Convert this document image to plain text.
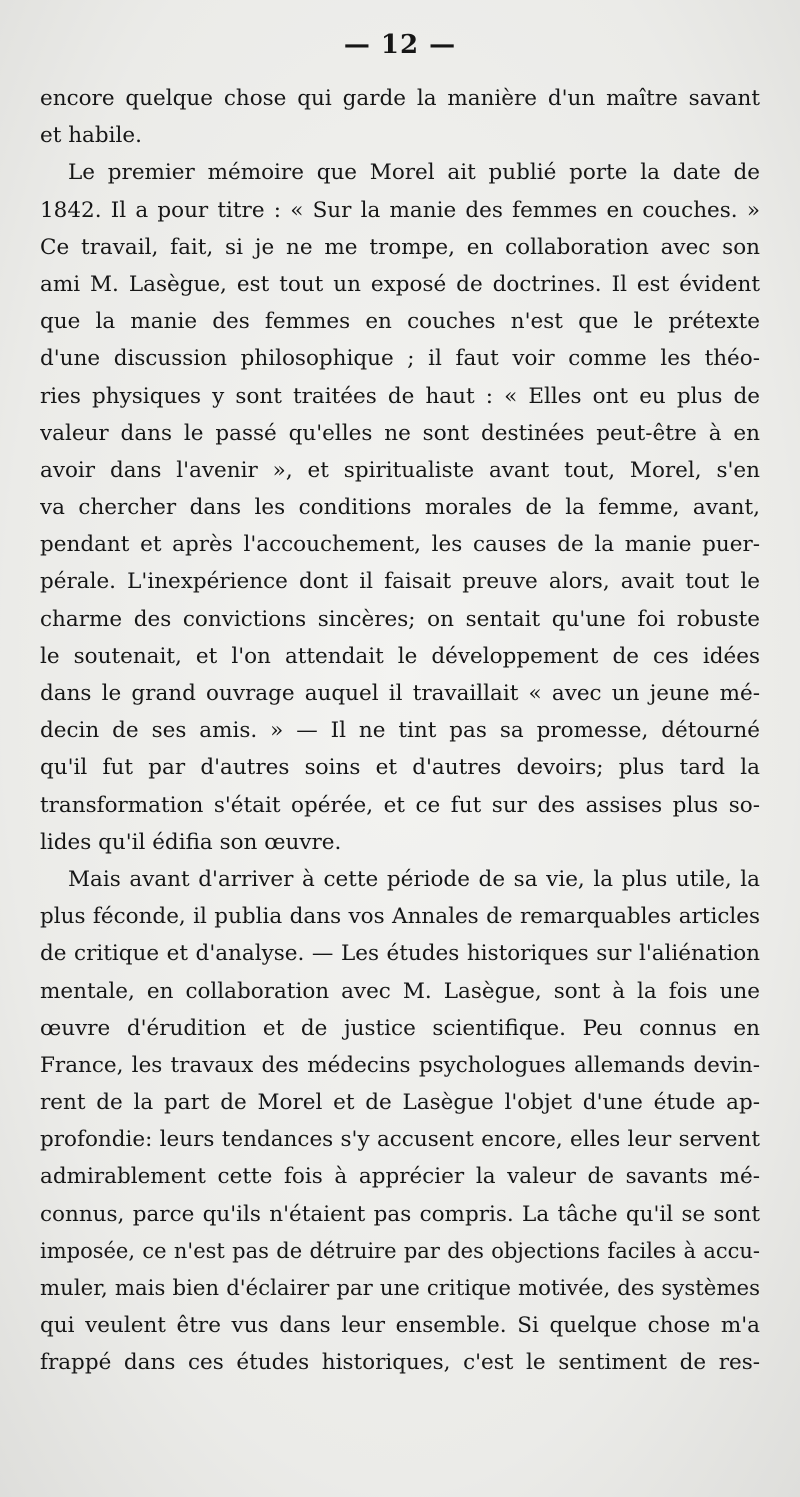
— 12 —
encore quelque chose qui garde la manière d'un maître savant
et habile.
Le premier mémoire que Morel ait publié porte la date de
1842. Il a pour titre : « Sur la manie des femmes en couches. »
Ce travail, fait, si je ne me trompe, en collaboration avec son
ami M. Lasègue, est tout un exposé de doctrines. Il est évident
que la manie des femmes en couches n'est que le prétexte
d'une discussion philosophique ; il faut voir comme les théo-
ries physiques y sont traitées de haut : « Elles ont eu plus de
valeur dans le passé qu'elles ne sont destinées peut-être à en
avoir dans l'avenir », et spiritualiste avant tout, Morel, s'en
va chercher dans les conditions morales de la femme, avant,
pendant et après l'accouchement, les causes de la manie puer-
pérale. L'inexpérience dont il faisait preuve alors, avait tout le
charme des convictions sincères; on sentait qu'une foi robuste
le soutenait, et l'on attendait le développement de ces idées
dans le grand ouvrage auquel il travaillait « avec un jeune mé-
decin de ses amis. » — Il ne tint pas sa promesse, détourné
qu'il fut par d'autres soins et d'autres devoirs; plus tard la
transformation s'était opérée, et ce fut sur des assises plus so-
lides qu'il édifia son œuvre.
Mais avant d'arriver à cette période de sa vie, la plus utile, la
plus féconde, il publia dans vos Annales de remarquables articles
de critique et d'analyse. — Les études historiques sur l'aliénation
mentale, en collaboration avec M. Lasègue, sont à la fois une
œuvre d'érudition et de justice scientifique. Peu connus en
France, les travaux des médecins psychologues allemands devin-
rent de la part de Morel et de Lasègue l'objet d'une étude ap-
profondie: leurs tendances s'y accusent encore, elles leur servent
admirablement cette fois à apprécier la valeur de savants mé-
connus, parce qu'ils n'étaient pas compris. La tâche qu'il se sont
imposée, ce n'est pas de détruire par des objections faciles à accu-
muler, mais bien d'éclairer par une critique motivée, des systèmes
qui veulent être vus dans leur ensemble. Si quelque chose m'a
frappé dans ces études historiques, c'est le sentiment de res-
